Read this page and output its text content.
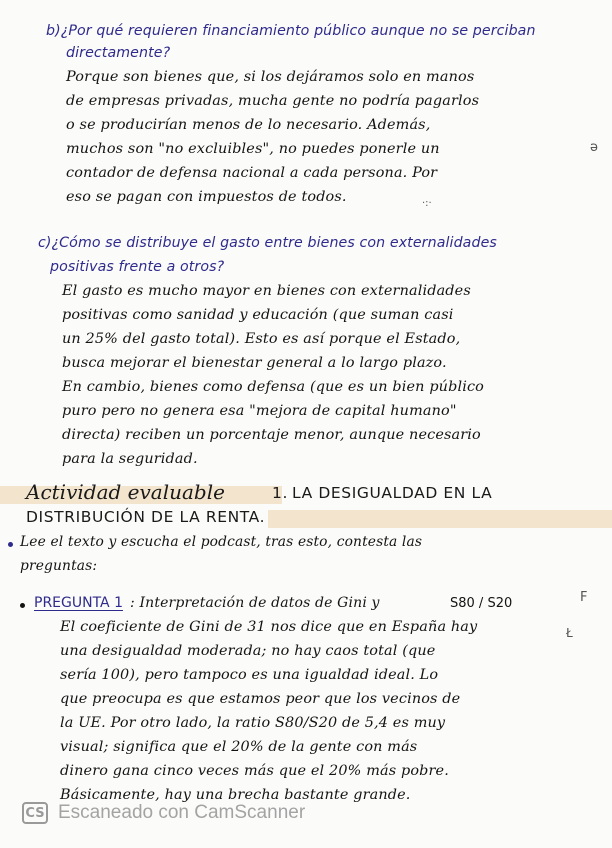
b)¿Por qué requieren financiamiento público aunque no se perciban
directamente?
Porque son bienes que, si los dejáramos solo en manos
de empresas privadas, mucha gente no podría pagarlos
o se producirían menos de lo necesario. Además,
muchos son "no excluibles", no puedes ponerle un
contador de defensa nacional a cada persona. Por
eso se pagan con impuestos de todos.	·:·
c)¿Cómo se distribuye el gasto entre bienes con externalidades
positivas frente a otros?
El gasto es mucho mayor en bienes con externalidades
positivas como sanidad y educación (que suman casi
un 25% del gasto total). Esto es así porque el Estado,
busca mejorar el bienestar general a lo largo plazo.
En cambio, bienes como defensa (que es un bien público
puro pero no genera esa "mejora de capital humano"
directa) reciben un porcentaje menor, aunque necesario
para la seguridad.
Actividad evaluable	1. LA DESIGUALDAD EN LA
DISTRIBUCIÓN DE LA RENTA.
Lee el texto y escucha el podcast, tras esto, contesta las
preguntas:
PREGUNTA 1 : Interpretación de datos de Gini y	S80 / S20
El coeficiente de Gini de 31 nos dice que en España hay
una desigualdad moderada; no hay caos total (que
sería 100), pero tampoco es una igualdad ideal. Lo
que preocupa es que estamos peor que los vecinos de
la UE. Por otro lado, la ratio S80/S20 de 5,4 es muy
visual; significa que el 20% de la gente con más
dinero gana cinco veces más que el 20% más pobre.
Básicamente, hay una brecha bastante grande.
ə
F
Ł
CS Escaneado con CamScanner
